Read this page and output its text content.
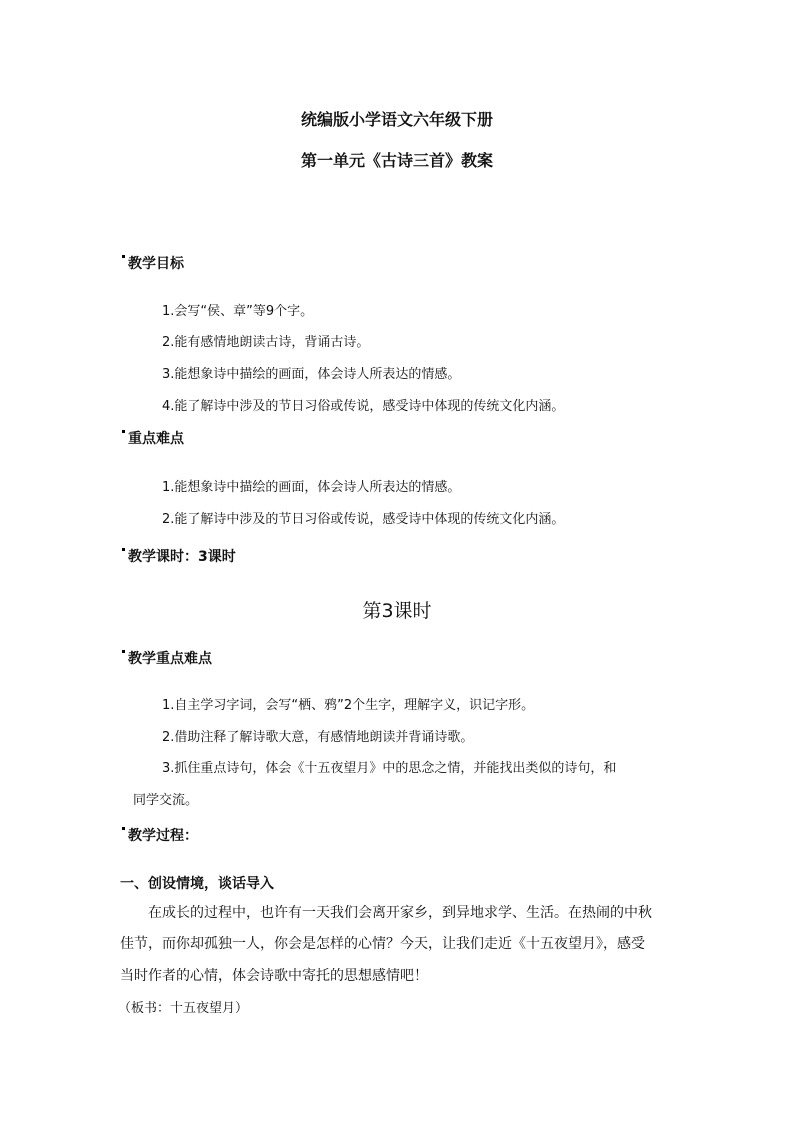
统编版小学语文六年级下册
第一单元《古诗三首》教案
教学目标
1.会写“侯、章”等9个字。
2.能有感情地朗读古诗，背诵古诗。
3.能想象诗中描绘的画面，体会诗人所表达的情感。
4.能了解诗中涉及的节日习俗或传说，感受诗中体现的传统文化内涵。
重点难点
1.能想象诗中描绘的画面，体会诗人所表达的情感。
2.能了解诗中涉及的节日习俗或传说，感受诗中体现的传统文化内涵。
教学课时：3课时
第3课时
教学重点难点
1.自主学习字词，会写“栖、鸦”2个生字，理解字义，识记字形。
2.借助注释了解诗歌大意，有感情地朗读并背诵诗歌。
3.抓住重点诗句，体会《十五夜望月》中的思念之情，并能找出类似的诗句，和
同学交流。
教学过程：
一、创设情境，谈话导入
在成长的过程中，也许有一天我们会离开家乡，到异地求学、生活。在热闹的中秋
佳节，而你却孤独一人，你会是怎样的心情？今天，让我们走近《十五夜望月》，感受
当时作者的心情，体会诗歌中寄托的思想感情吧！
（板书：十五夜望月）
